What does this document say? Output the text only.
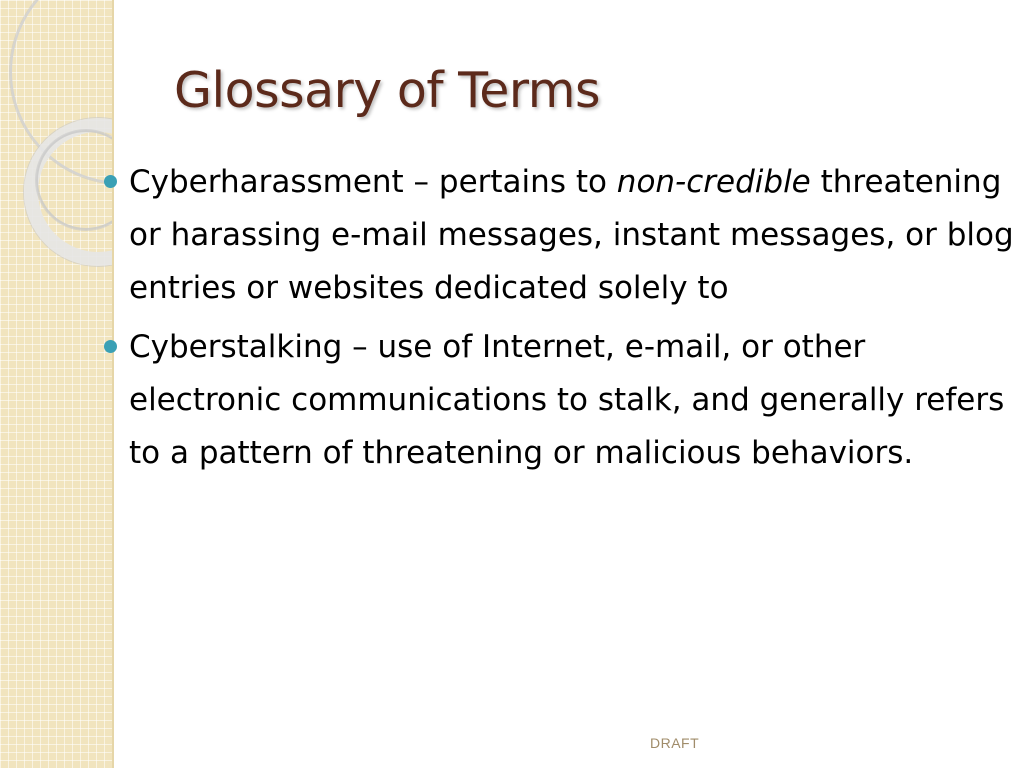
Glossary of Terms
Cyberharassment – pertains to non-credible threatening or harassing e-mail messages, instant messages, or blog entries or websites dedicated solely to
Cyberstalking – use of Internet, e-mail, or other electronic communications to stalk, and generally refers to a pattern of threatening or malicious behaviors.
DRAFT
